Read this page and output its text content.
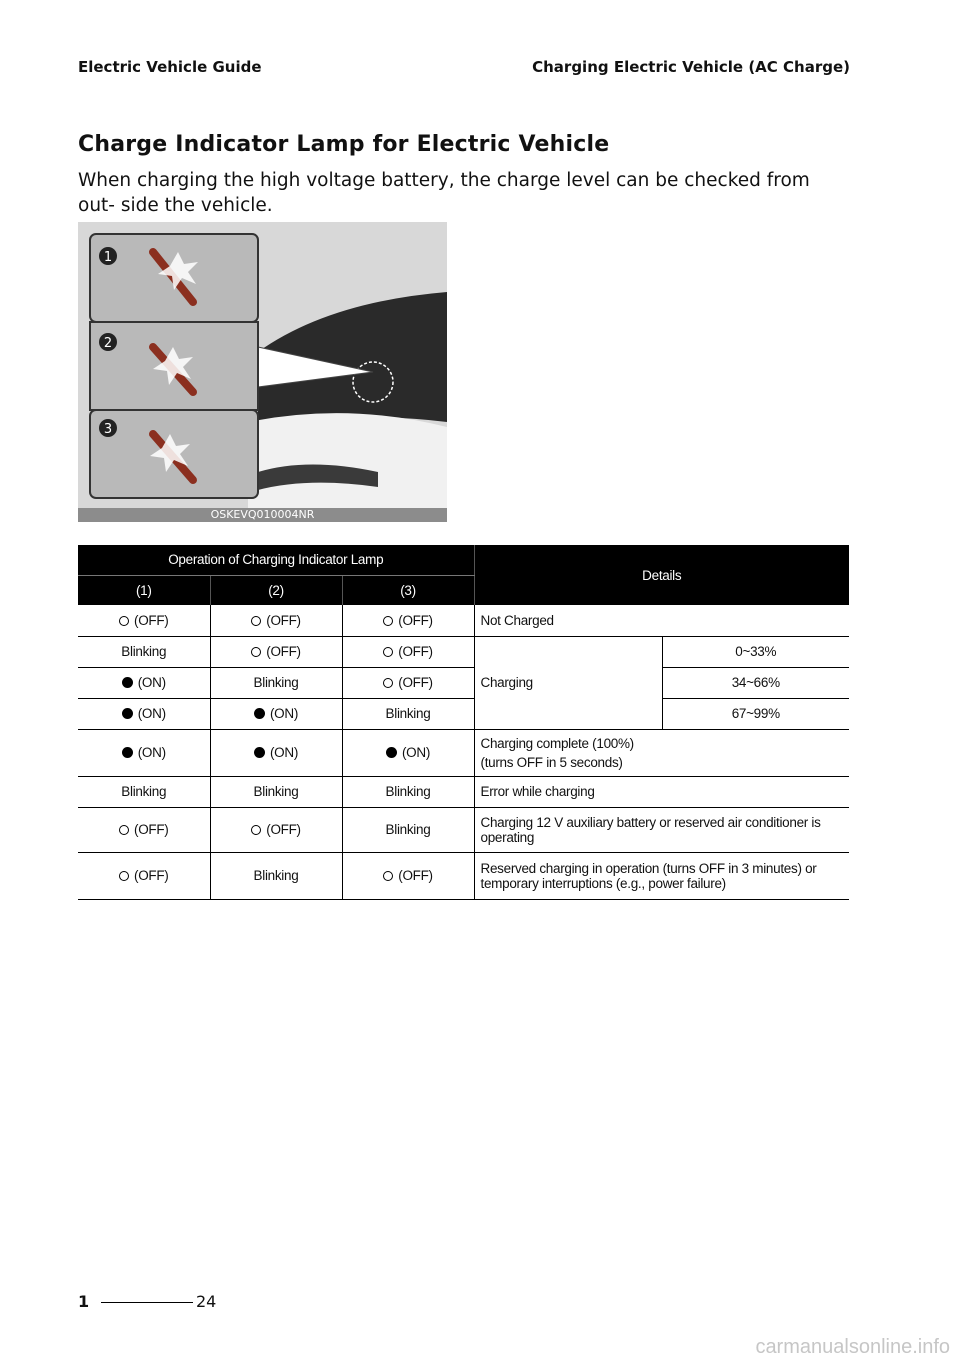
Electric Vehicle Guide	Charging Electric Vehicle (AC Charge)
Charge Indicator Lamp for Electric Vehicle

When charging the high voltage battery, the charge level can be checked from out- side the vehicle.

1
2
3
OSKEVQ010004NR
Operation of Charging Indicator Lamp			Details	
(1)	(2)	(3)		
(OFF)	(OFF)	(OFF)	Not Charged	
Blinking	(OFF)	(OFF)	Charging	0~33%
(ON)	Blinking	(OFF)		34~66%
(ON)	(ON)	Blinking		67~99%
(ON)	(ON)	(ON)	Charging complete (100%)
(turns OFF in 5 seconds)	

Blinking	Blinking	Blinking	Error while charging	
(OFF)	(OFF)	Blinking	Charging 12 V auxiliary battery or reserved air conditioner is operating	
(OFF)	Blinking	(OFF)	Reserved charging in operation (turns OFF in 3 minutes) or temporary interruptions (e.g., power failure)	
1	24
carmanualsonline.info
